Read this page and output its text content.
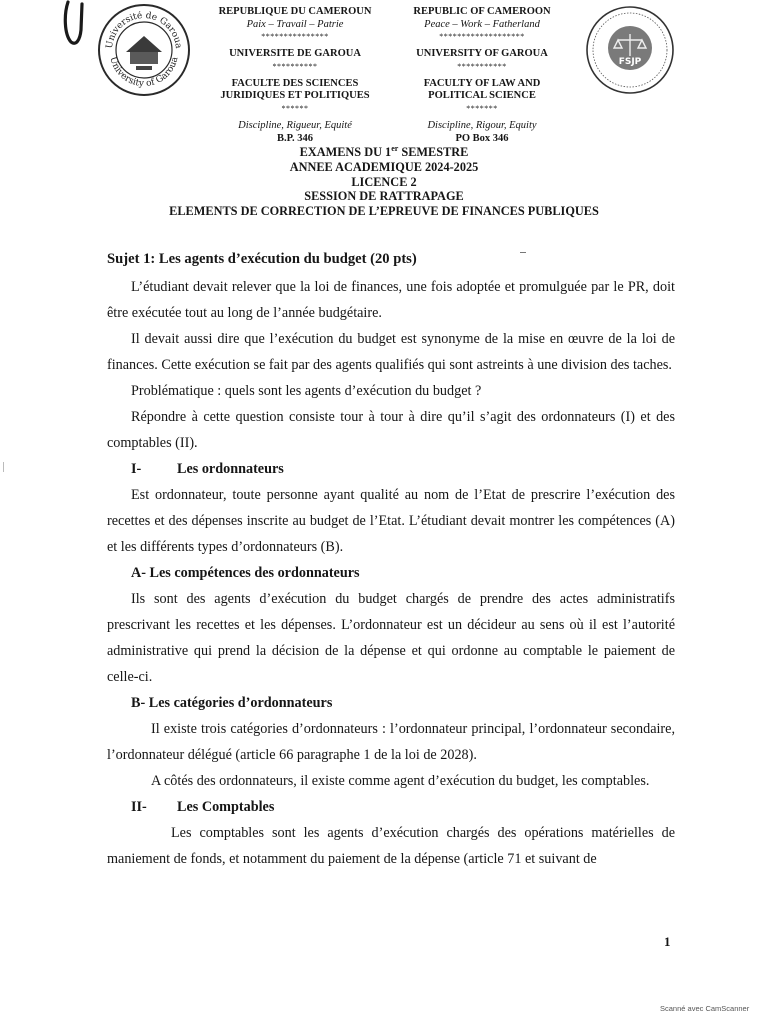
Université de Garoua
University of Garoua	FSJP
REPUBLIQUE DU CAMEROUN
Paix – Travail – Patrie
***************
UNIVERSITE DE GAROUA
**********
FACULTE DES SCIENCES
JURIDIQUES ET POLITIQUES
******
Discipline, Rigueur, Equité
B.P. 346
REPUBLIC OF CAMEROON
Peace – Work – Fatherland
*******************
UNIVERSITY OF GAROUA
***********
FACULTY OF LAW AND
POLITICAL SCIENCE
*******
Discipline, Rigour, Equity
PO Box 346
EXAMENS DU 1er SEMESTRE
ANNEE ACADEMIQUE 2024-2025
LICENCE 2
SESSION DE RATTRAPAGE
ELEMENTS DE CORRECTION DE L’EPREUVE DE FINANCES PUBLIQUES

Sujet 1: Les agents d’exécution du budget (20 pts)

L’étudiant devait relever que la loi de finances, une fois adoptée et promulguée par le PR, doit être exécutée tout au long de l’année budgétaire.

Il devait aussi dire que l’exécution du budget est synonyme de la mise en œuvre de la loi de finances. Cette exécution se fait par des agents qualifiés qui sont astreints à une division des taches.

Problématique : quels sont les agents d’exécution du budget ?

Répondre à cette question consiste tour à tour à dire qu’il s’agit des ordonnateurs (I) et des comptables (II).

I-	Les ordonnateurs

Est ordonnateur, toute personne ayant qualité au nom de l’Etat de prescrire l’exécution des recettes et des dépenses inscrite au budget de l’Etat. L’étudiant devait montrer les compétences (A) et les différents types d’ordonnateurs (B).

A- Les compétences des ordonnateurs

Ils sont des agents d’exécution du budget chargés de prendre des actes administratifs prescrivant les recettes et les dépenses. L’ordonnateur est un décideur au sens où il est l’autorité administrative qui prend la décision de la dépense et qui ordonne au comptable le paiement de celle-ci.

B- Les catégories d’ordonnateurs

Il existe trois catégories d’ordonnateurs : l’ordonnateur principal, l’ordonnateur secondaire, l’ordonnateur délégué (article 66 paragraphe 1 de la loi de 2028).

A côtés des ordonnateurs, il existe comme agent d’exécution du budget, les comptables.

II- Les Comptables

Les comptables sont les agents d’exécution chargés des opérations matérielles de maniement de fonds, et notamment du paiement de la dépense (article 71 et suivant de

1
Scanné avec CamScanner
